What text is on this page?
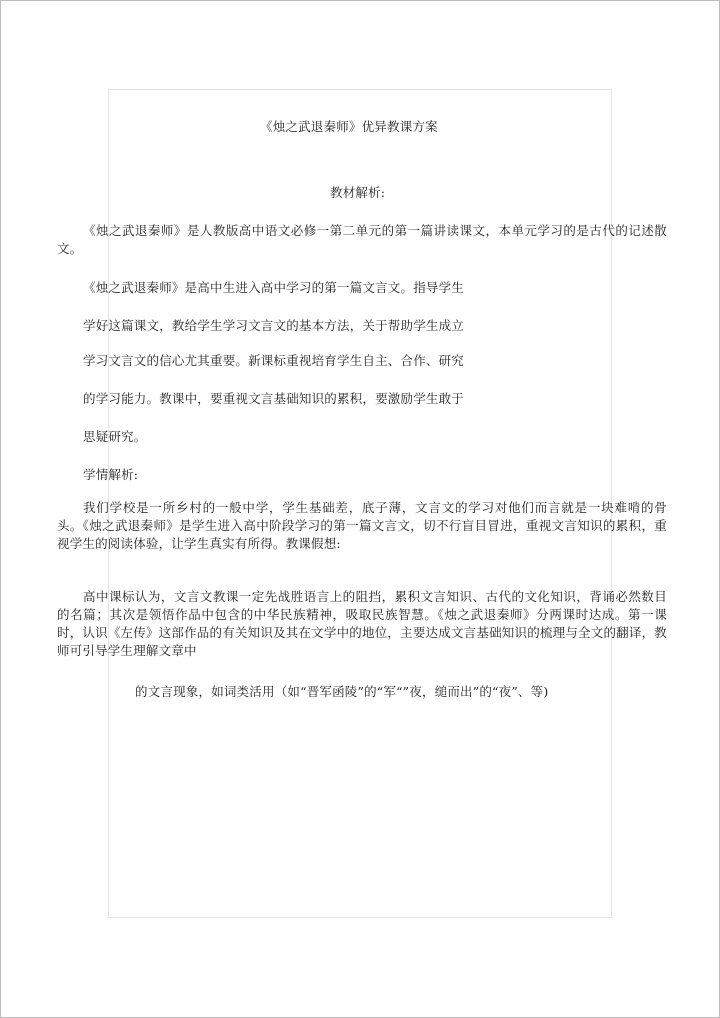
《烛之武退秦师》优异教课方案
教材解析:
《烛之武退秦师》是人教版高中语文必修一第二单元的第一篇讲读课文，本单元学习的是古代的记述散文。
《烛之武退秦师》是高中生进入高中学习的第一篇文言文。指导学生
学好这篇课文，教给学生学习文言文的基本方法，关于帮助学生成立
学习文言文的信心尤其重要。新课标重视培育学生自主、合作、研究
的学习能力。教课中，要重视文言基础知识的累积，要激励学生敢于
思疑研究。
学情解析:
我们学校是一所乡村的一般中学，学生基础差，底子薄，文言文的学习对他们而言就是一块难啃的骨头。《烛之武退秦师》是学生进入高中阶段学习的第一篇文言文，切不行盲目冒进，重视文言知识的累积，重视学生的阅读体验，让学生真实有所得。教课假想:
高中课标认为，文言文教课一定先战胜语言上的阻挡，累积文言知识、古代的文化知识，背诵必然数目的名篇；其次是领悟作品中包含的中华民族精神，吸取民族智慧。《烛之武退秦师》分两课时达成。第一课时，认识《左传》这部作品的有关知识及其在文学中的地位，主要达成文言基础知识的梳理与全文的翻译，教师可引导学生理解文章中
的文言现象，如词类活用（如“晋军函陵”的“军“”夜，缒而出”的“夜”、等)
